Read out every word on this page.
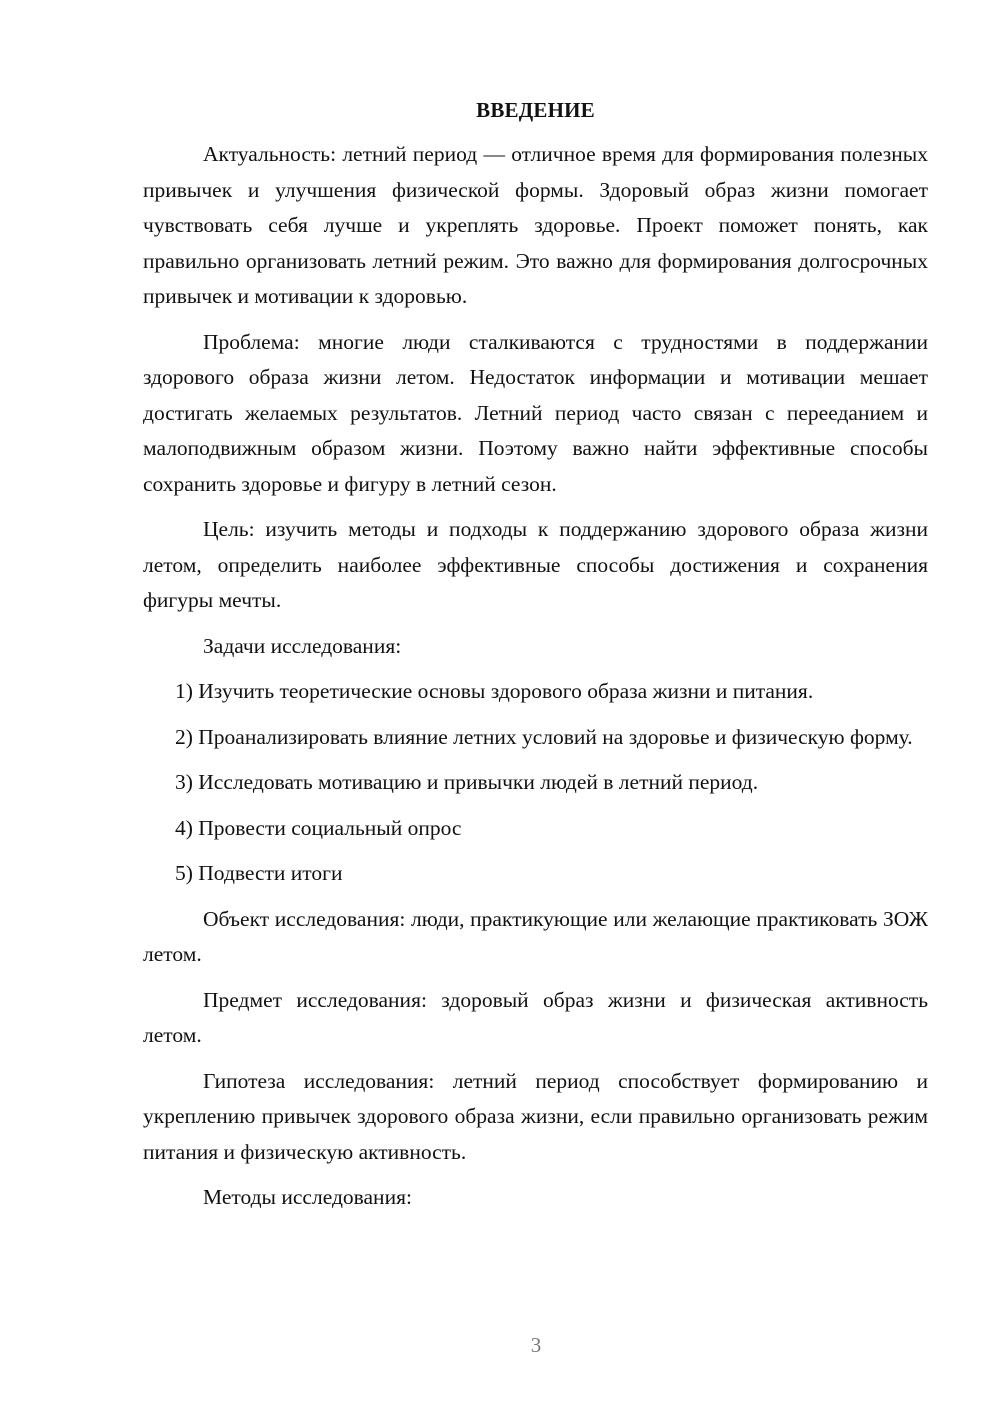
ВВЕДЕНИЕ

Актуальность: летний период — отличное время для формирования полезных привычек и улучшения физической формы. Здоровый образ жизни помогает чувствовать себя лучше и укреплять здоровье. Проект поможет понять, как правильно организовать летний режим. Это важно для формирования долгосрочных привычек и мотивации к здоровью.

Проблема: многие люди сталкиваются с трудностями в поддержании здорового образа жизни летом. Недостаток информации и мотивации мешает достигать желаемых результатов. Летний период часто связан с перееданием и малоподвижным образом жизни. Поэтому важно найти эффективные способы сохранить здоровье и фигуру в летний сезон.

Цель: изучить методы и подходы к поддержанию здорового образа жизни летом, определить наиболее эффективные способы достижения и сохранения фигуры мечты.

Задачи исследования:

1) Изучить теоретические основы здорового образа жизни и питания.

2) Проанализировать влияние летних условий на здоровье и физическую форму.

3) Исследовать мотивацию и привычки людей в летний период.

4) Провести социальный опрос

5) Подвести итоги

Объект исследования: люди, практикующие или желающие практиковать ЗОЖ летом.

Предмет исследования: здоровый образ жизни и физическая активность летом.

Гипотеза исследования: летний период способствует формированию и укреплению привычек здорового образа жизни, если правильно организовать режим питания и физическую активность.

Методы исследования:

3
